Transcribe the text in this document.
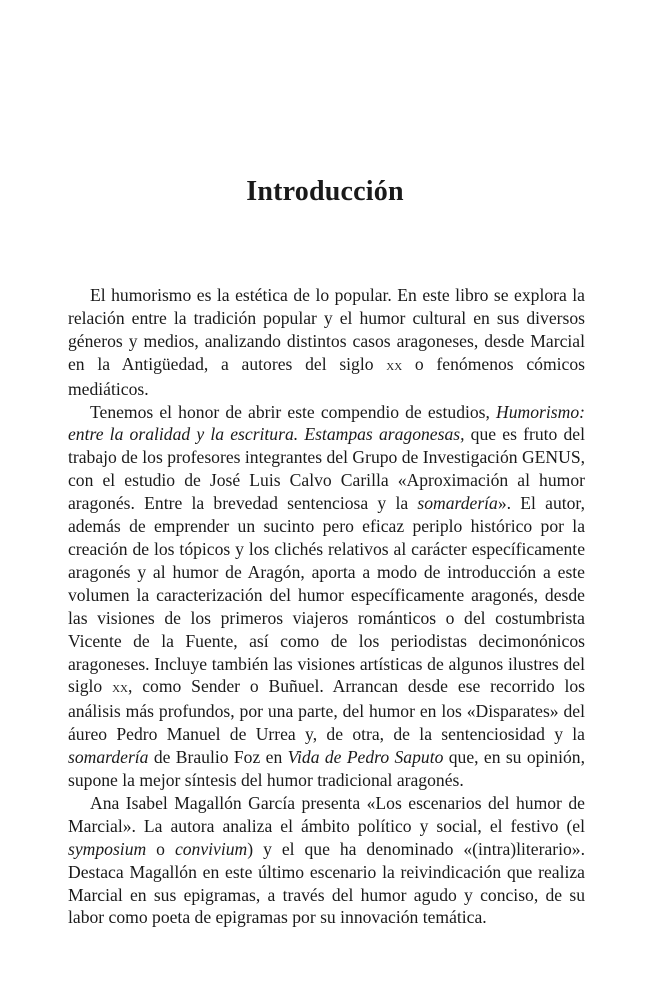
Introducción

El humorismo es la estética de lo popular. En este libro se explora la relación entre la tradición popular y el humor cultural en sus diversos géneros y medios, analizando distintos casos aragoneses, desde Marcial en la Antigüedad, a autores del siglo xx o fenómenos cómicos mediáticos.

Tenemos el honor de abrir este compendio de estudios, Humorismo: entre la oralidad y la escritura. Estampas aragonesas, que es fruto del trabajo de los profesores integrantes del Grupo de Investigación GENUS, con el estudio de José Luis Calvo Carilla «Aproximación al humor aragonés. Entre la brevedad sentenciosa y la somardería». El autor, además de emprender un sucinto pero eficaz periplo histórico por la creación de los tópicos y los clichés relativos al carácter específicamente aragonés y al humor de Aragón, aporta a modo de introducción a este volumen la caracterización del humor específicamente aragonés, desde las visiones de los primeros viajeros románticos o del costumbrista Vicente de la Fuente, así como de los periodistas decimonónicos aragoneses. Incluye también las visiones artísticas de algunos ilustres del siglo xx, como Sender o Buñuel. Arrancan desde ese recorrido los análisis más profundos, por una parte, del humor en los «Disparates» del áureo Pedro Manuel de Urrea y, de otra, de la sentenciosidad y la somardería de Braulio Foz en Vida de Pedro Saputo que, en su opinión, supone la mejor síntesis del humor tradicional aragonés.

Ana Isabel Magallón García presenta «Los escenarios del humor de Marcial». La autora analiza el ámbito político y social, el festivo (el symposium o convivium) y el que ha denominado «(intra)literario». Destaca Magallón en este último escenario la reivindicación que realiza Marcial en sus epigramas, a través del humor agudo y conciso, de su labor como poeta de epigramas por su innovación temática.
